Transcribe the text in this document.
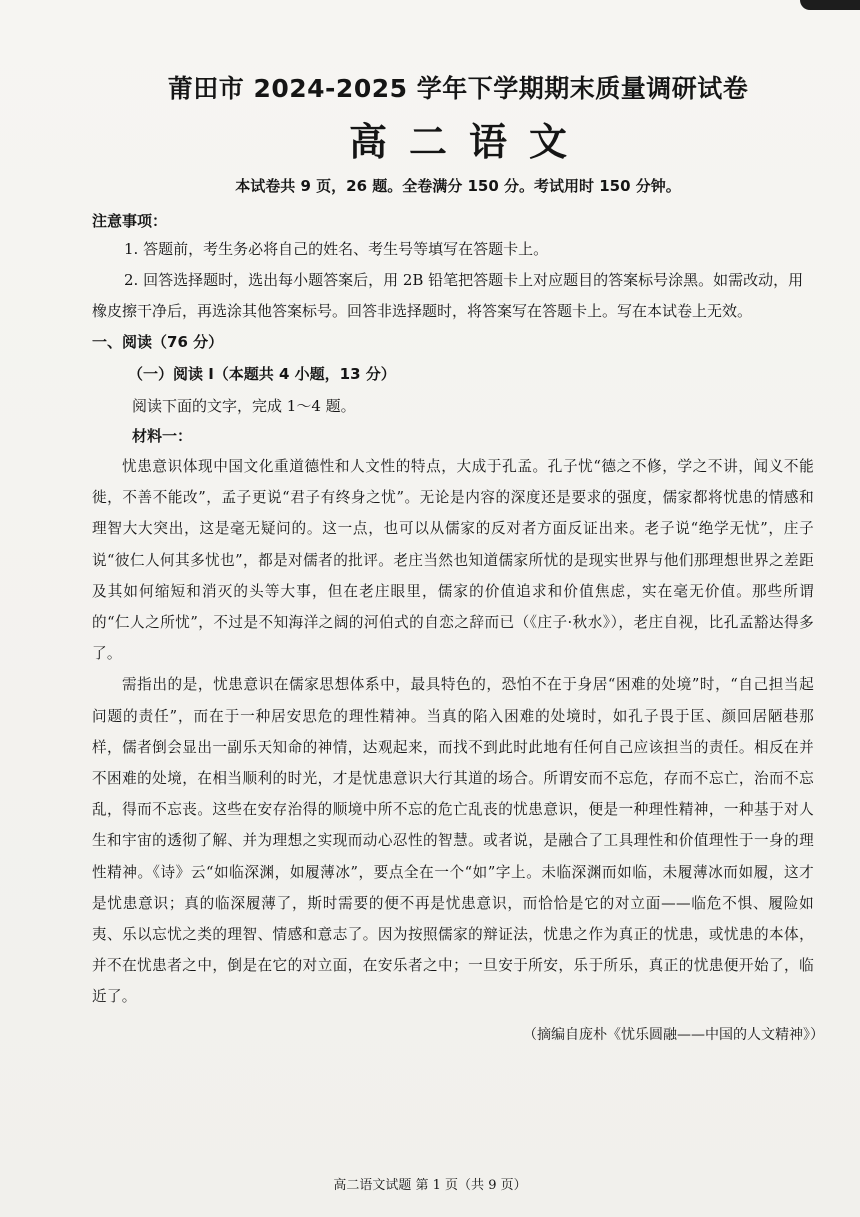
莆田市 2024-2025 学年下学期期末质量调研试卷
高二语文
本试卷共 9 页，26 题。全卷满分 150 分。考试用时 150 分钟。
注意事项：
1. 答题前，考生务必将自己的姓名、考生号等填写在答题卡上。
2. 回答选择题时，选出每小题答案后，用 2B 铅笔把答题卡上对应题目的答案标号涂黑。如需改动，用橡皮擦干净后，再选涂其他答案标号。回答非选择题时，将答案写在答题卡上。写在本试卷上无效。
一、阅读（76 分）
（一）阅读 I（本题共 4 小题，13 分）
阅读下面的文字，完成 1～4 题。
材料一：
忧患意识体现中国文化重道德性和人文性的特点，大成于孔孟。孔子忧“德之不修，学之不讲，闻义不能徙，不善不能改”，孟子更说“君子有终身之忧”。无论是内容的深度还是要求的强度，儒家都将忧患的情感和理智大大突出，这是毫无疑问的。这一点，也可以从儒家的反对者方面反证出来。老子说“绝学无忧”，庄子说“彼仁人何其多忧也”，都是对儒者的批评。老庄当然也知道儒家所忧的是现实世界与他们那理想世界之差距及其如何缩短和消灭的头等大事，但在老庄眼里，儒家的价值追求和价值焦虑，实在毫无价值。那些所谓的“仁人之所忧”，不过是不知海洋之阔的河伯式的自恋之辞而已（《庄子·秋水》），老庄自视，比孔孟豁达得多了。
需指出的是，忧患意识在儒家思想体系中，最具特色的，恐怕不在于身居“困难的处境”时，“自己担当起问题的责任”，而在于一种居安思危的理性精神。当真的陷入困难的处境时，如孔子畏于匡、颜回居陋巷那样，儒者倒会显出一副乐天知命的神情，达观起来，而找不到此时此地有任何自己应该担当的责任。相反在并不困难的处境，在相当顺利的时光，才是忧患意识大行其道的场合。所谓安而不忘危，存而不忘亡，治而不忘乱，得而不忘丧。这些在安存治得的顺境中所不忘的危亡乱丧的忧患意识，便是一种理性精神，一种基于对人生和宇宙的透彻了解、并为理想之实现而动心忍性的智慧。或者说，是融合了工具理性和价值理性于一身的理性精神。《诗》云“如临深渊，如履薄冰”，要点全在一个“如”字上。未临深渊而如临，未履薄冰而如履，这才是忧患意识；真的临深履薄了，斯时需要的便不再是忧患意识，而恰恰是它的对立面——临危不惧、履险如夷、乐以忘忧之类的理智、情感和意志了。因为按照儒家的辩证法，忧患之作为真正的忧患，或忧患的本体，并不在忧患者之中，倒是在它的对立面，在安乐者之中；一旦安于所安，乐于所乐，真正的忧患便开始了，临近了。
（摘编自庞朴《忧乐圆融——中国的人文精神》）
高二语文试题 第 1 页（共 9 页）
